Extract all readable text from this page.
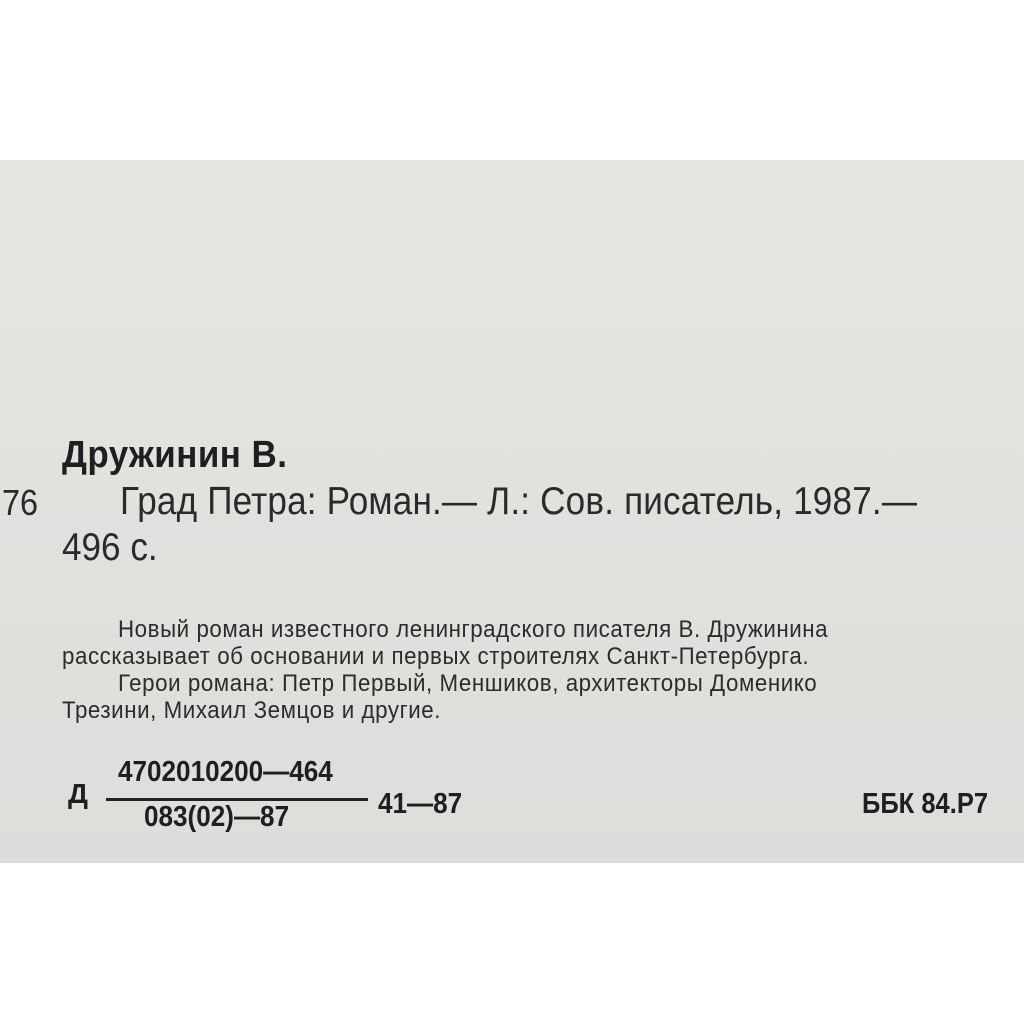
Дружинин В.
76 Град Петра: Роман.— Л.: Сов. писатель, 1987.—
496 с.
Новый роман известного ленинградского писателя В. Дружинина
рассказывает об основании и первых строителях Санкт-Петербурга.
Герои романа: Петр Первый, Меншиков, архитекторы Доменико
Трезини, Михаил Земцов и другие.
Д
4702010200—464
083(02)—87	41—87	ББК 84.Р7
